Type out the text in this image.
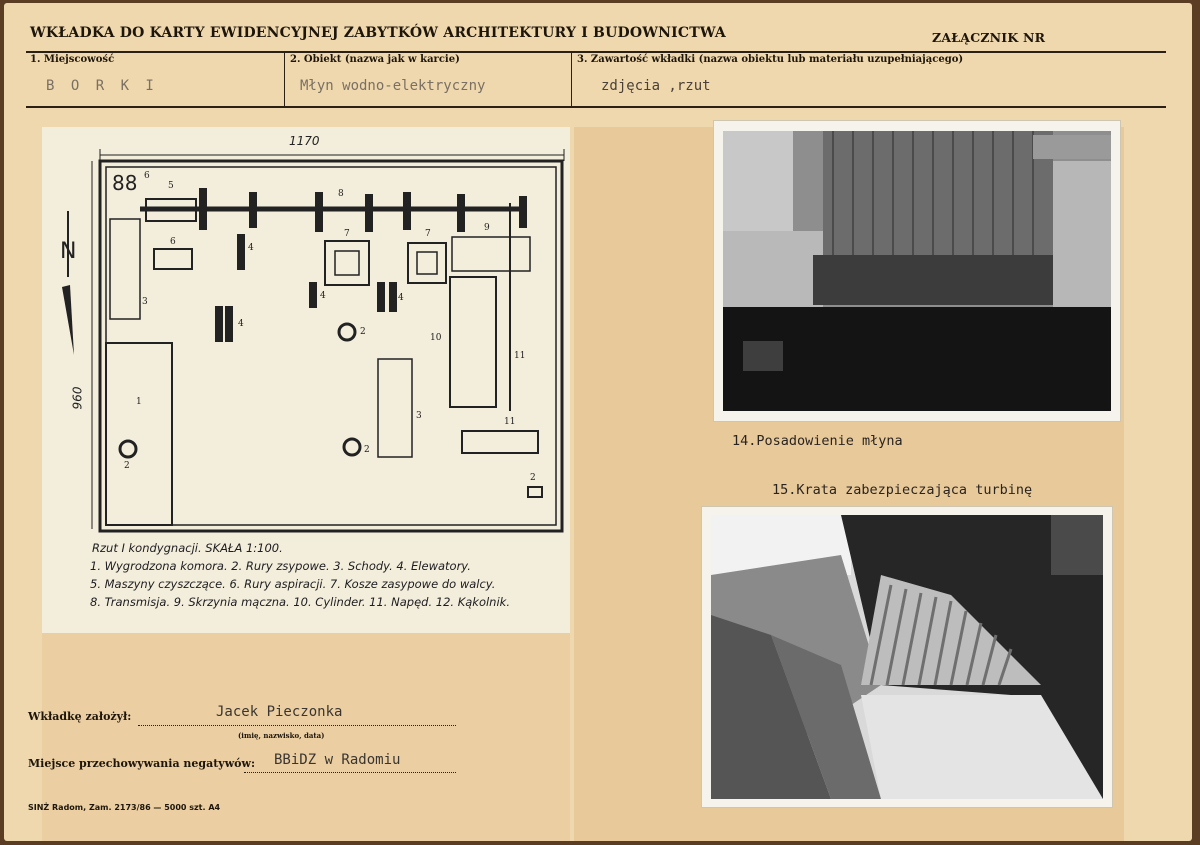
WKŁADKA DO KARTY EWIDENCYJNEJ ZABYTKÓW ARCHITEKTURY I BUDOWNICTWA	ZAŁĄCZNIK NR
1. Miejscowość	2. Obiekt (nazwa jak w karcie)	3. Zawartość wkładki (nazwa obiektu lub materiału uzupełniającego)
B O R K I	Młyn wodno-elektryczny	zdjęcia ,rzut
1170
960
N
88 6
5
6
8
7	7
9
10
11
11
3
3
4
4
4	4
1
2
2
2
2
Rzut I kondygnacji. SKAŁA 1:100.
1. Wygrodzona komora. 2. Rury zsypowe. 3. Schody. 4. Elewatory.
5. Maszyny czyszczące. 6. Rury aspiracji. 7. Kosze zasypowe do walcy.
8. Transmisja. 9. Skrzynia mączna. 10. Cylinder. 11. Napęd. 12. Kąkolnik.
14.Posadowienie młyna
15.Krata zabezpieczająca turbinę
Wkładkę założył:	Jacek Pieczonka
(imię, nazwisko, data)
Miejsce przechowywania negatywów: BBiDZ w Radomiu
SINŻ Radom, Zam. 2173/86 — 5000 szt. A4
